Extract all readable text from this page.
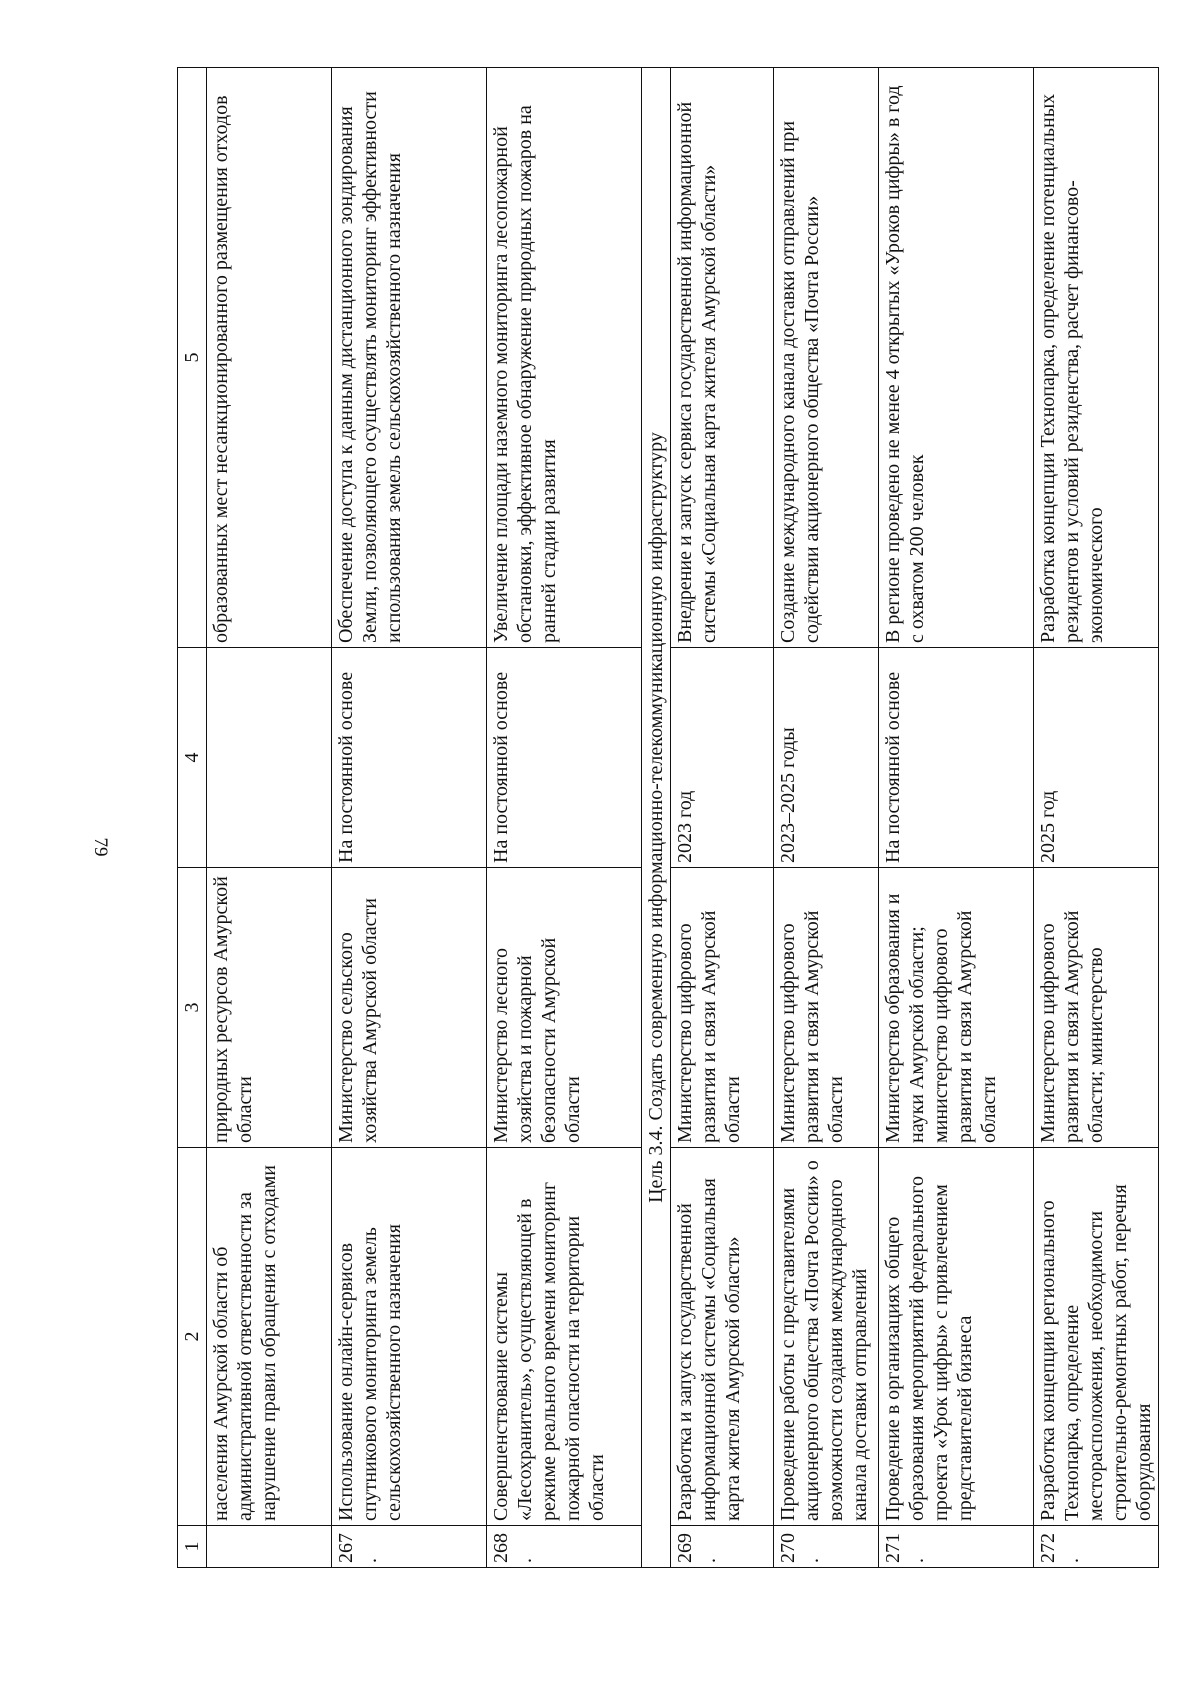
79
1	2	3	4	5
	населения Амурской области об административной ответственности за нарушение правил обращения с отходами	природных ресурсов Амурской области		образованных мест несанкционированного размещения отходов
267.	Использование онлайн-сервисов спутникового мониторинга земель сельскохозяйственного назначения	Министерство сельского хозяйства Амурской области	На постоянной основе	Обеспечение доступа к данным дистанционного зондирования Земли, позволяющего осуществлять мониторинг эффективности использования земель сельскохозяйственного назначения
268.	Совершенствование системы «Лесохранитель», осуществляющей в режиме реального времени мониторинг пожарной опасности на территории области	Министерство лесного хозяйства и пожарной безопасности Амурской области	На постоянной основе	Увеличение площади наземного мониторинга лесопожарной обстановки, эффективное обнаружение природных пожаров на ранней стадии развития
Цель 3.4. Создать современную информационно-телекоммуникационную инфраструктуру				
269.	Разработка и запуск государственной информационной системы «Социальная карта жителя Амурской области»	Министерство цифрового развития и связи Амурской области	2023 год	Внедрение и запуск сервиса государственной информационной системы «Социальная карта жителя Амурской области»
270.	Проведение работы с представителями акционерного общества «Почта России» о возможности создания международного канала доставки отправлений	Министерство цифрового развития и связи Амурской области	2023–2025 годы	Создание международного канала доставки отправлений при содействии акционерного общества «Почта России»
271.	Проведение в организациях общего образования мероприятий федерального проекта «Урок цифры» с привлечением представителей бизнеса	Министерство образования и науки Амурской области; министерство цифрового развития и связи Амурской области	На постоянной основе	В регионе проведено не менее 4 открытых «Уроков цифры» в год с охватом 200 человек
272.	Разработка концепции регионального Технопарка, определение месторасположения, необходимости строительно-ремонтных работ, перечня оборудования	Министерство цифрового развития и связи Амурской области; министерство	2025 год	Разработка концепции Технопарка, определение потенциальных резидентов и условий резиденства, расчет финансово-экономического
